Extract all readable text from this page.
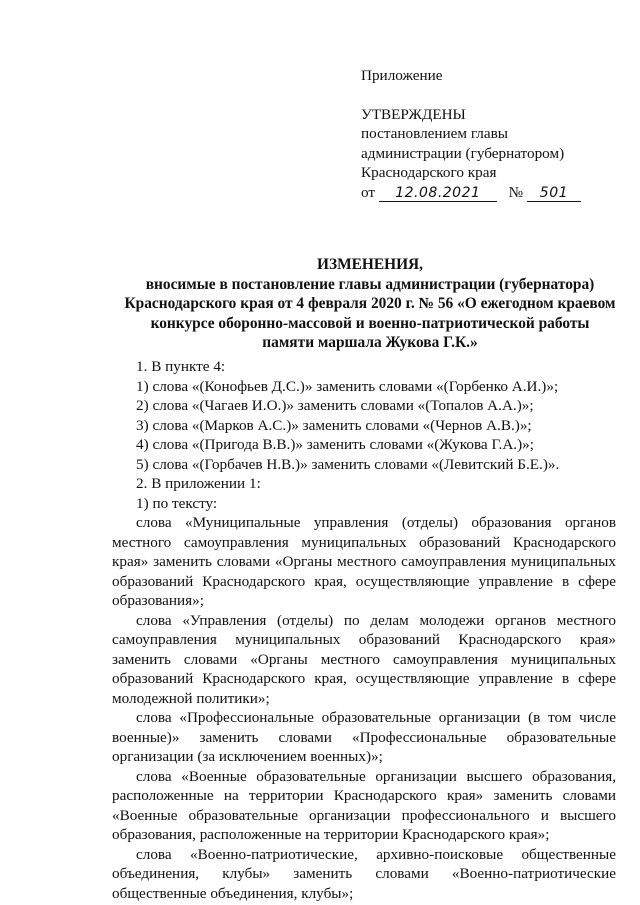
Приложение
УТВЕРЖДЕНЫ
постановлением главы
администрации (губернатором)
Краснодарского края
от 12.08.2021 № 501
ИЗМЕНЕНИЯ,
вносимые в постановление главы администрации (губернатора)
Краснодарского края от 4 февраля 2020 г. № 56 «О ежегодном краевом
конкурсе оборонно-массовой и военно-патриотической работы
памяти маршала Жукова Г.К.»

1. В пункте 4:

1) слова «(Конофьев Д.С.)» заменить словами «(Горбенко А.И.)»;

2) слова «(Чагаев И.О.)» заменить словами «(Топалов А.А.)»;

3) слова «(Марков А.С.)» заменить словами «(Чернов А.В.)»;

4) слова «(Пригода В.В.)» заменить словами «(Жукова Г.А.)»;

5) слова «(Горбачев Н.В.)» заменить словами «(Левитский Б.Е.)».

2. В приложении 1:

1) по тексту:

слова «Муниципальные управления (отделы) образования органов местного самоуправления муниципальных образований Краснодарского края» заменить словами «Органы местного самоуправления муниципальных образований Краснодарского края, осуществляющие управление в сфере образования»;

слова «Управления (отделы) по делам молодежи органов местного самоуправления муниципальных образований Краснодарского края» заменить словами «Органы местного самоуправления муниципальных образований Краснодарского края, осуществляющие управление в сфере молодежной политики»;

слова «Профессиональные образовательные организации (в том числе военные)» заменить словами «Профессиональные образовательные организации (за исключением военных)»;

слова «Военные образовательные организации высшего образования, расположенные на территории Краснодарского края» заменить словами «Военные образовательные организации профессионального и высшего образования, расположенные на территории Краснодарского края»;

слова «Военно-патриотические, архивно-поисковые общественные объединения, клубы» заменить словами «Военно-патриотические общественные объединения, клубы»;
